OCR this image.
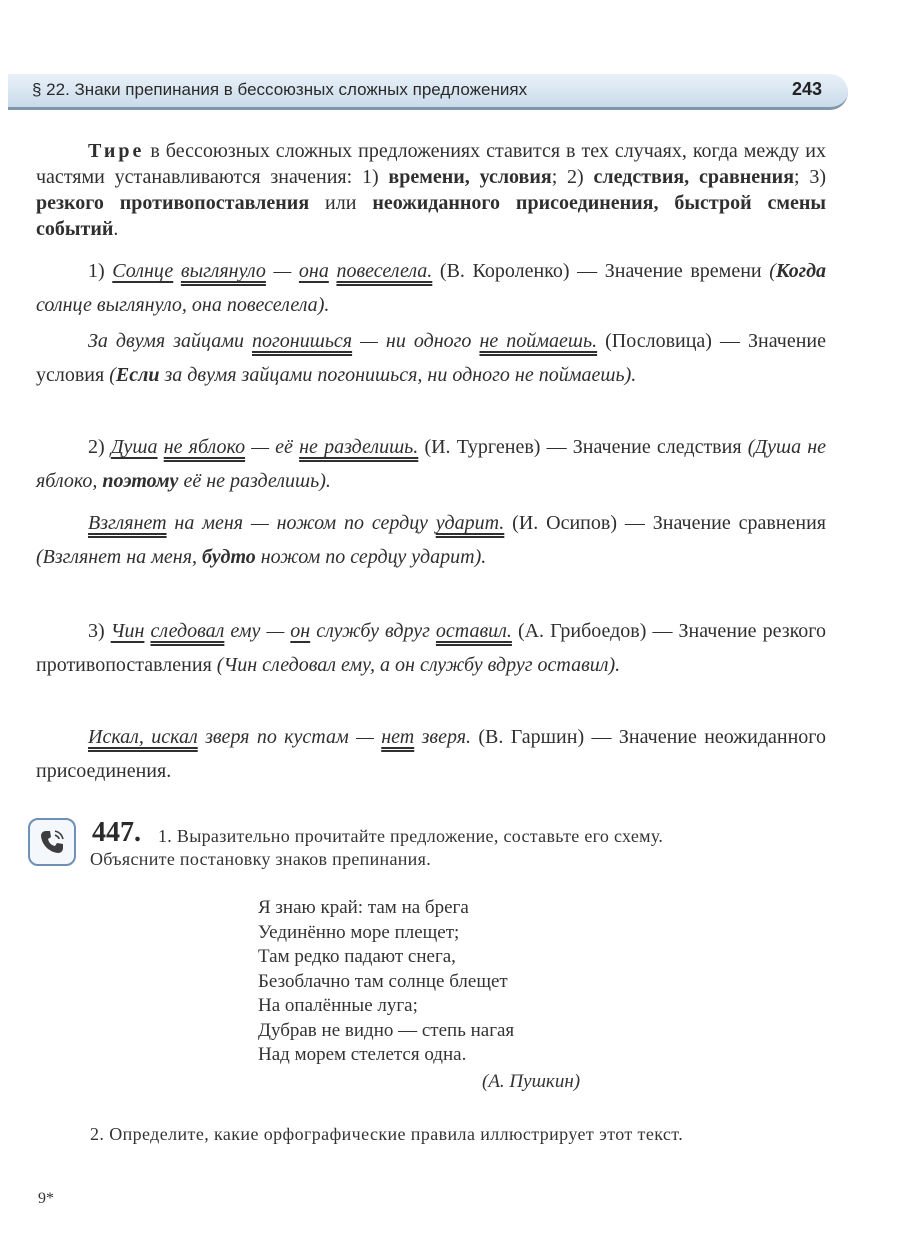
§ 22. Знаки препинания в бессоюзных сложных предложениях	243
Тире в бессоюзных сложных предложениях ставится в тех случаях, когда между их частями устанавливаются значения: 1) времени, условия; 2) следствия, сравнения; 3) резкого противопоставления или неожиданного присоединения, быстрой смены событий.
1) Солнце выглянуло — она повеселела. (В. Короленко) — Значение времени (Когда солнце выглянуло, она повеселела).
За двумя зайцами погонишься — ни одного не поймаешь. (Пословица) — Значение условия (Если за двумя зайцами погонишься, ни одного не поймаешь).
2) Душа не яблоко — её не разделишь. (И. Тургенев) — Значение следствия (Душа не яблоко, поэтому её не разделишь).
Взглянет на меня — ножом по сердцу ударит. (И. Осипов) — Значение сравнения (Взглянет на меня, будто ножом по сердцу ударит).
3) Чин следовал ему — он службу вдруг оставил. (А. Грибоедов) — Значение резкого противопоставления (Чин следовал ему, а он службу вдруг оставил).
Искал, искал зверя по кустам — нет зверя. (В. Гаршин) — Значение неожиданного присоединения.
447. 1. Выразительно прочитайте предложение, составьте его схему.
Объясните постановку знаков препинания.
Я знаю край: там на брега
Уединённо море плещет;
Там редко падают снега,
Безоблачно там солнце блещет
На опалённые луга;
Дубрав не видно — степь нагая
Над морем стелется одна.
(А. Пушкин)
2. Определите, какие орфографические правила иллюстрирует этот текст.
9*
